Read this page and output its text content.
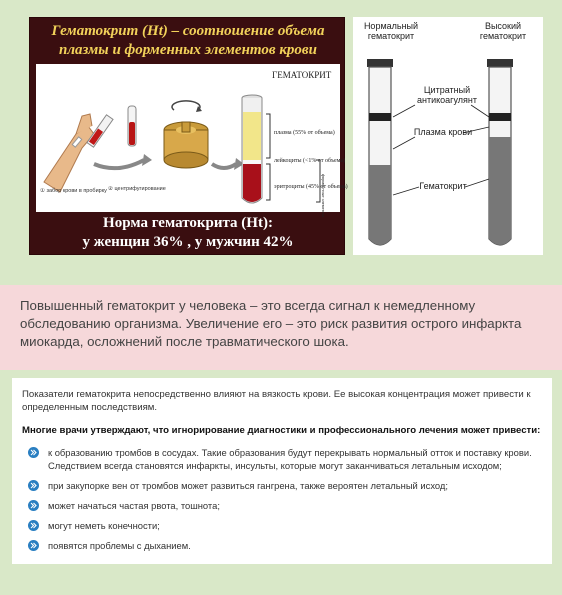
Гематокрит (Ht) – соотношение объема
плазмы и форменных элементов крови
① забор крови в пробирку ② центрифугирование
ГЕМАТОКРИТ
плазма (55% от объема)
лейкоциты (<1% от объема)
эритроциты (45% от объема)
формен-ные элементы
Норма гематокрита (Ht):
у женщин 36% , у мужчин 42%
Нормальный гематокрит
Высокий гематокрит
Цитратный антикоагулянт
Плазма крови
Гематокрит

Повышенный гематокрит у человека – это всегда сигнал к немедленному обследованию организма. Увеличение его – это риск развития острого инфаркта миокарда, осложнений после травматического шока.

Показатели гематокрита непосредственно влияют на вязкость крови. Ее высокая концентрация может привести к определенным последствиям.

Многие врачи утверждают, что игнорирование диагностики и профессионального лечения может привести:

к образованию тромбов в сосудах. Такие образования будут перекрывать нормальный отток и поставку крови. Следствием всегда становятся инфаркты, инсульты, которые могут заканчиваться летальным исходом;
при закупорке вен от тромбов может развиться гангрена, также вероятен летальный исход;
может начаться частая рвота, тошнота;
могут неметь конечности;
появятся проблемы с дыханием.
